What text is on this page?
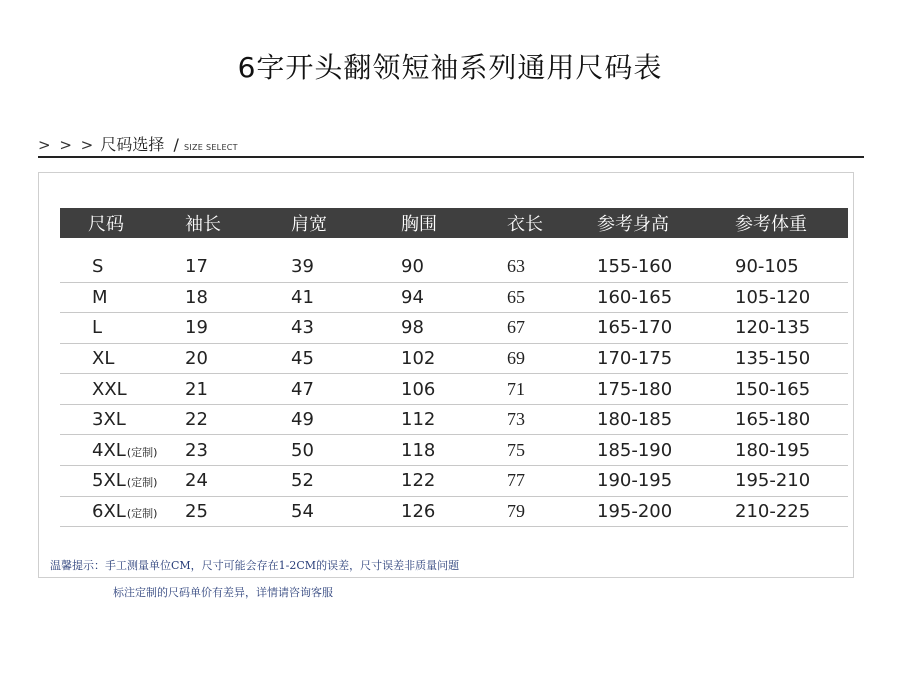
6字开头翻领短袖系列通用尺码表
> > > 尺码选择 / SIZE SELECT
尺码	袖长	肩宽	胸围	衣长	参考身高	参考体重
S	17	39	90	63	155-160	90-105
M	18	41	94	65	160-165	105-120
L	19	43	98	67	165-170	120-135
XL	20	45	102	69	170-175	135-150
XXL	21	47	106	71	175-180	150-165
3XL	22	49	112	73	180-185	165-180
4XL(定制)	23	50	118	75	185-190	180-195
5XL(定制)	24	52	122	77	190-195	195-210
6XL(定制)	25	54	126	79	195-200	210-225
温馨提示：手工测量单位CM，尺寸可能会存在1-2CM的误差，尺寸误差非质量问题
标注定制的尺码单价有差异，详情请咨询客服
